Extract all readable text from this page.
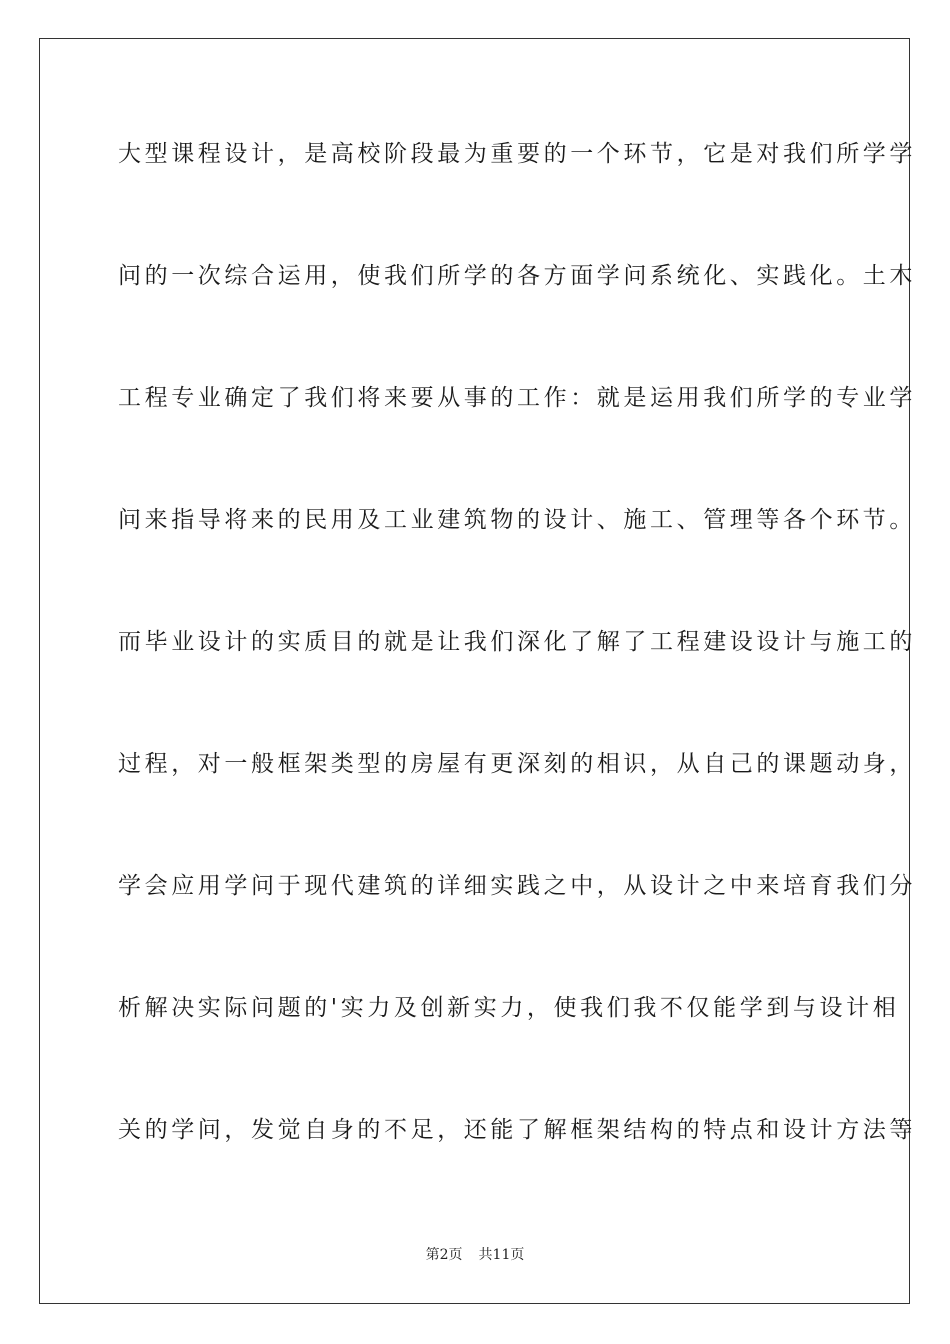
大型课程设计，是高校阶段最为重要的一个环节，它是对我们所学学
问的一次综合运用，使我们所学的各方面学问系统化、实践化。土木
工程专业确定了我们将来要从事的工作：就是运用我们所学的专业学
问来指导将来的民用及工业建筑物的设计、施工、管理等各个环节。
而毕业设计的实质目的就是让我们深化了解了工程建设设计与施工的
过程，对一般框架类型的房屋有更深刻的相识，从自己的课题动身，
学会应用学问于现代建筑的详细实践之中，从设计之中来培育我们分
析解决实际问题的'实力及创新实力，使我们我不仅能学到与设计相
关的学问，发觉自身的不足，还能了解框架结构的特点和设计方法等
第2页 共11页
